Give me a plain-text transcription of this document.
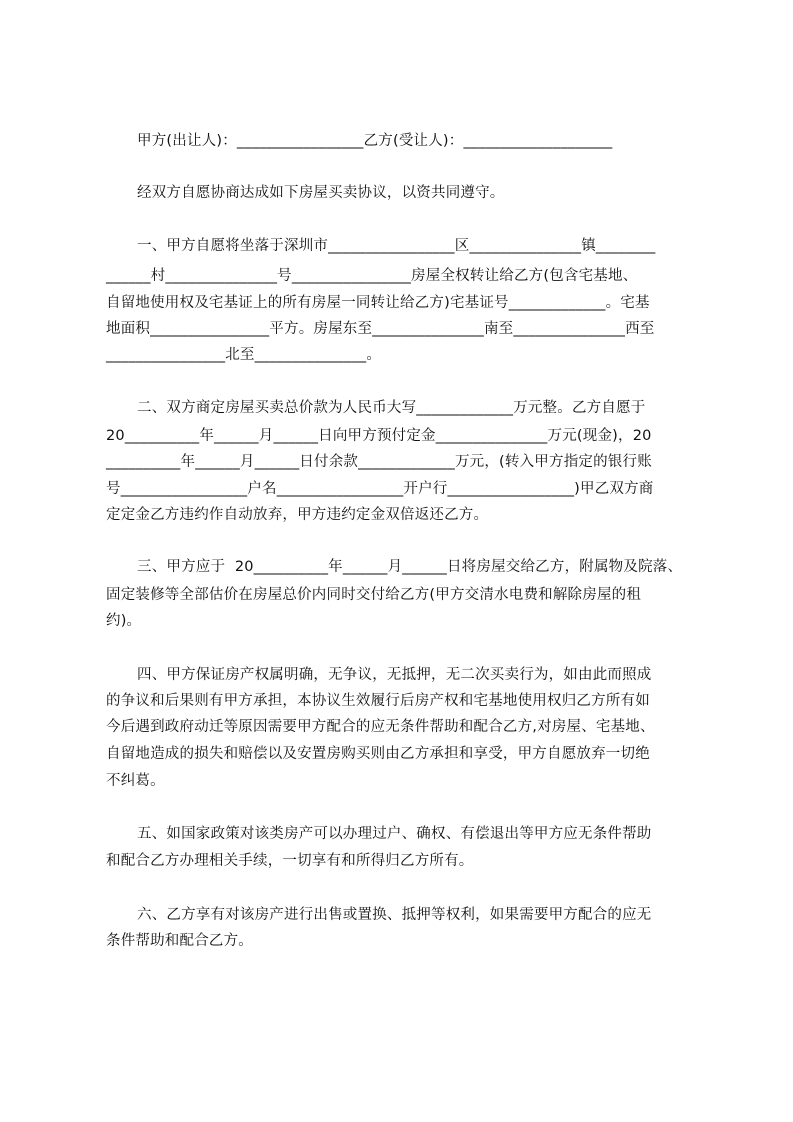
甲方(出让人)：_________________乙方(受让人)：____________________
经双方自愿协商达成如下房屋买卖协议，以资共同遵守。
一、甲方自愿将坐落于深圳市_________________区_______________镇________
______村_______________号________________房屋全权转让给乙方(包含宅基地、
自留地使用权及宅基证上的所有房屋一同转让给乙方)宅基证号_____________。宅基
地面积________________平方。房屋东至_______________南至_______________西至
________________北至_______________。
二、双方商定房屋买卖总价款为人民币大写_____________万元整。乙方自愿于
20__________年______月______日向甲方预付定金_______________万元(现金)，20
__________年______月______日付余款_____________万元，(转入甲方指定的银行账
号_________________户名_________________开户行_________________)甲乙双方商
定定金乙方违约作自动放弃，甲方违约定金双倍返还乙方。
三、甲方应于  20__________年______月______日将房屋交给乙方，附属物及院落、
固定装修等全部估价在房屋总价内同时交付给乙方(甲方交清水电费和解除房屋的租
约)。
四、甲方保证房产权属明确，无争议，无抵押，无二次买卖行为，如由此而照成
的争议和后果则有甲方承担，本协议生效履行后房产权和宅基地使用权归乙方所有如
今后遇到政府动迁等原因需要甲方配合的应无条件帮助和配合乙方,对房屋、宅基地、
自留地造成的损失和赔偿以及安置房购买则由乙方承担和享受，甲方自愿放弃一切绝
不纠葛。
五、如国家政策对该类房产可以办理过户、确权、有偿退出等甲方应无条件帮助
和配合乙方办理相关手续，一切享有和所得归乙方所有。
六、乙方享有对该房产进行出售或置换、抵押等权利，如果需要甲方配合的应无
条件帮助和配合乙方。
